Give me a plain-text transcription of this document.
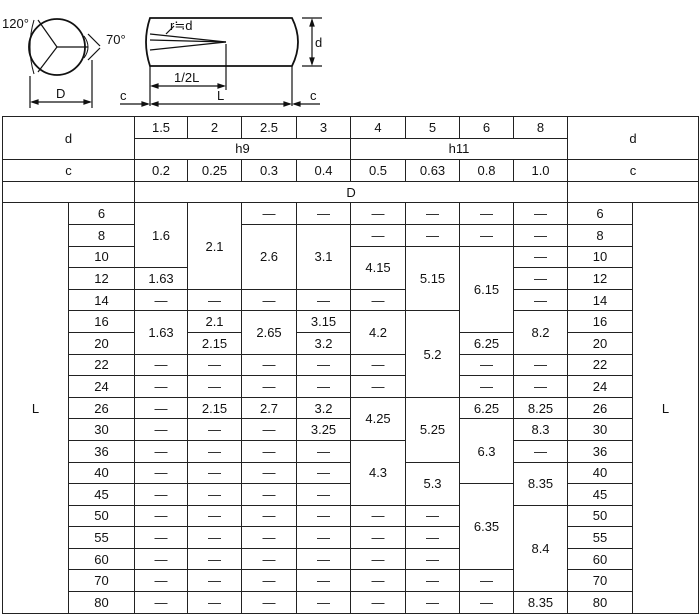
120°
70°	d
r≒d
D	c	c
1/2L
L
d		1.5	2	2.5	3	4	5	6	8	d	
		h9				h11					
c		0.2	0.25	0.3	0.4	0.5	0.63	0.8	1.0	c	
		D									
L	6	1.6	2.1	—	—	—	—	—	—	6	L
	8			2.6	3.1	—	—	—	—	8	
	10					4.15	5.15	6.15	—	10	
	12	1.63							—	12	
	14	—	—	—	—	—			—	14	
	16	1.63	2.1	2.65	3.15	4.2	5.2		8.2	16	
	20		2.15		3.2			6.25		20	
	22	—	—	—	—	—		—	—	22	
	24	—	—	—	—	—		—	—	24	
	26	—	2.15	2.7	3.2	4.25	5.25	6.25	8.25	26	
	30	—	—	—	3.25			6.3	8.3	30	
	36	—	—	—	—	4.3			—	36	
	40	—	—	—	—		5.3		8.35	40	
	45	—	—	—	—			6.35		45	
	50	—	—	—	—	—	—		8.4	50	
	55	—	—	—	—	—	—			55	
	60	—	—	—	—	—	—			60	
	70	—	—	—	—	—	—	—		70	
	80	—	—	—	—	—	—	—	8.35	80	
